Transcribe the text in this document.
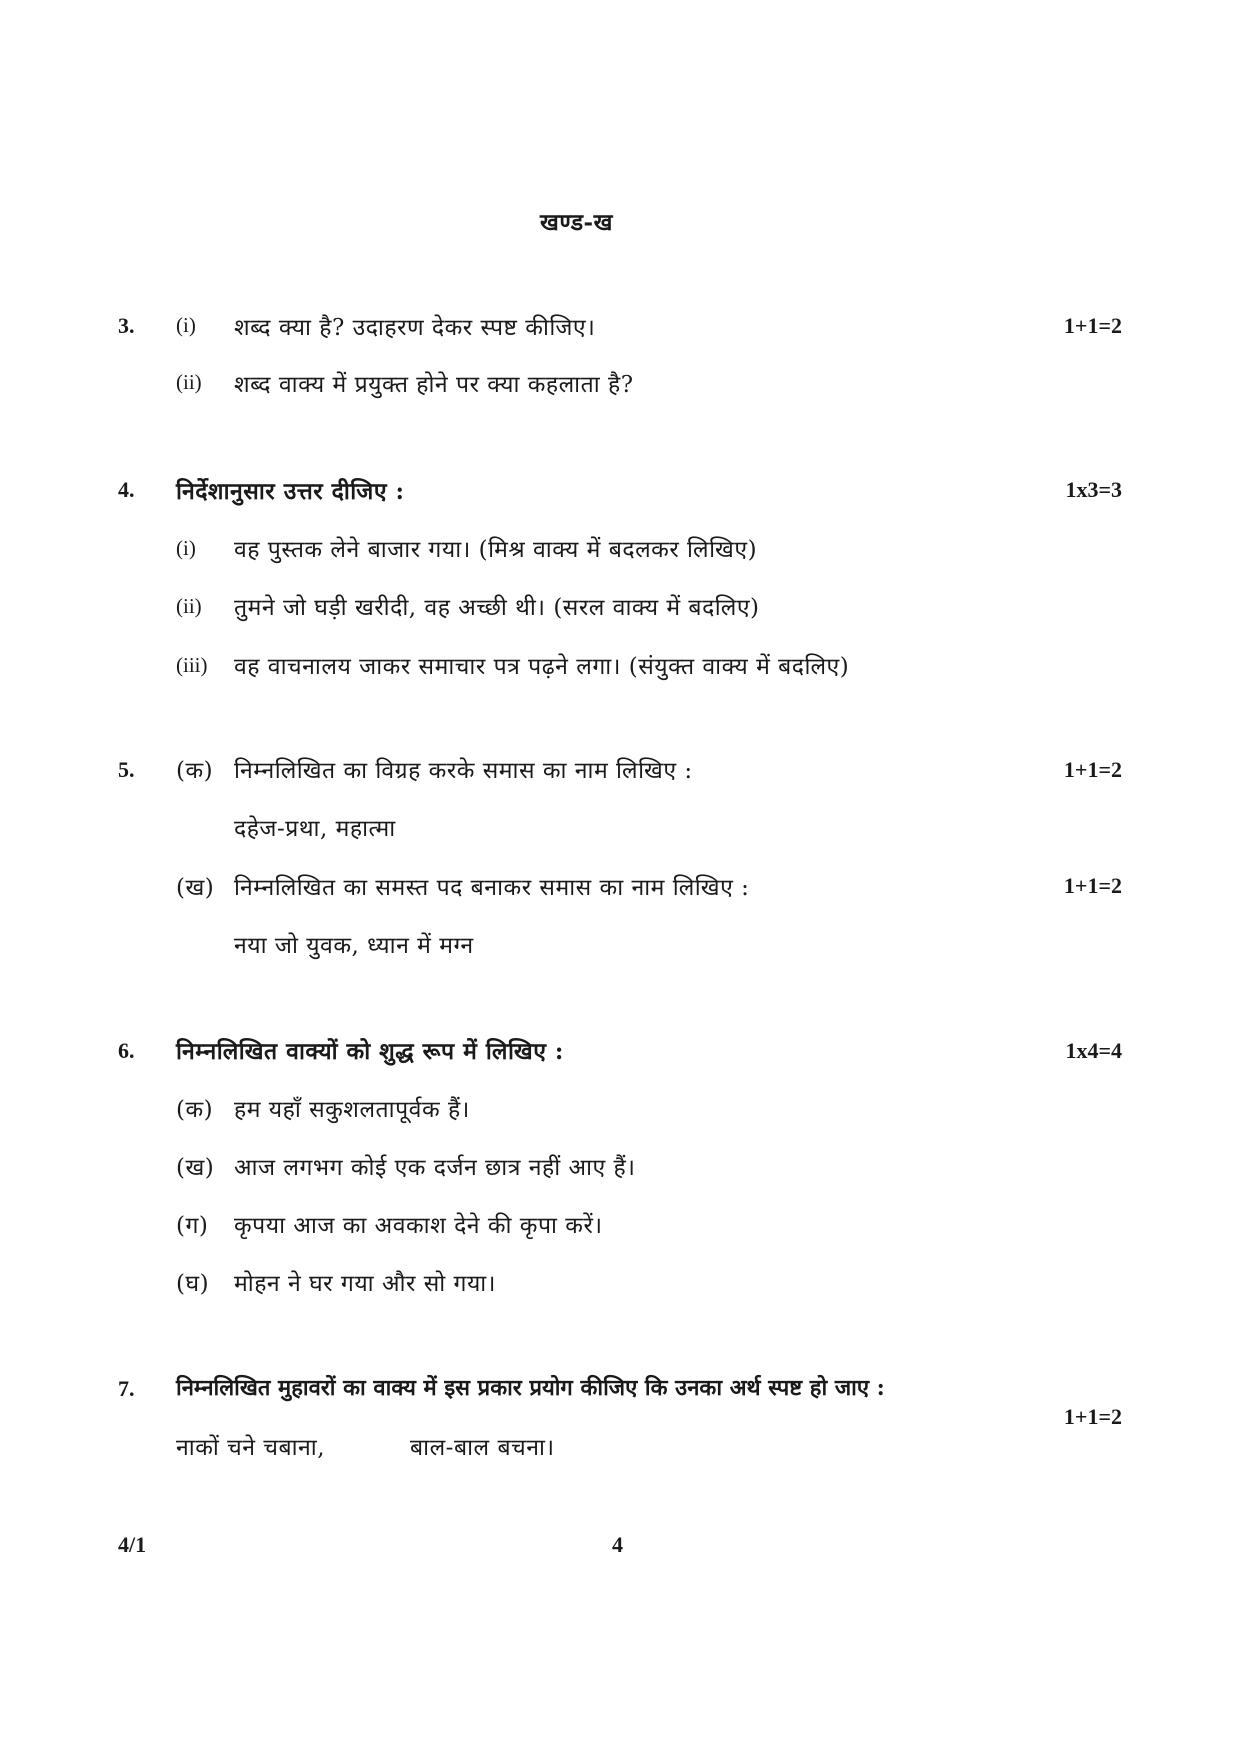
खण्ड-ख
3. (i) शब्द क्या है? उदाहरण देकर स्पष्ट कीजिए।	1+1=2
(ii) शब्द वाक्य में प्रयुक्त होने पर क्या कहलाता है?
4. निर्देशानुसार उत्तर दीजिए :	1x3=3
(i) वह पुस्तक लेने बाजार गया। (मिश्र वाक्य में बदलकर लिखिए)
(ii) तुमने जो घड़ी खरीदी, वह अच्छी थी। (सरल वाक्य में बदलिए)
(iii) वह वाचनालय जाकर समाचार पत्र पढ़ने लगा। (संयुक्त वाक्य में बदलिए)
5. (क) निम्नलिखित का विग्रह करके समास का नाम लिखिए :	1+1=2
दहेज-प्रथा, महात्मा
(ख) निम्नलिखित का समस्त पद बनाकर समास का नाम लिखिए :	1+1=2
नया जो युवक, ध्यान में मग्न
6. निम्नलिखित वाक्यों को शुद्ध रूप में लिखिए :	1x4=4
(क) हम यहाँ सकुशलतापूर्वक हैं।
(ख) आज लगभग कोई एक दर्जन छात्र नहीं आए हैं।
(ग) कृपया आज का अवकाश देने की कृपा करें।
(घ) मोहन ने घर गया और सो गया।
7. निम्नलिखित मुहावरों का वाक्य में इस प्रकार प्रयोग कीजिए कि उनका अर्थ स्पष्ट हो जाए :
1+1=2
नाकों चने चबाना,	बाल-बाल बचना।
4/1	4
